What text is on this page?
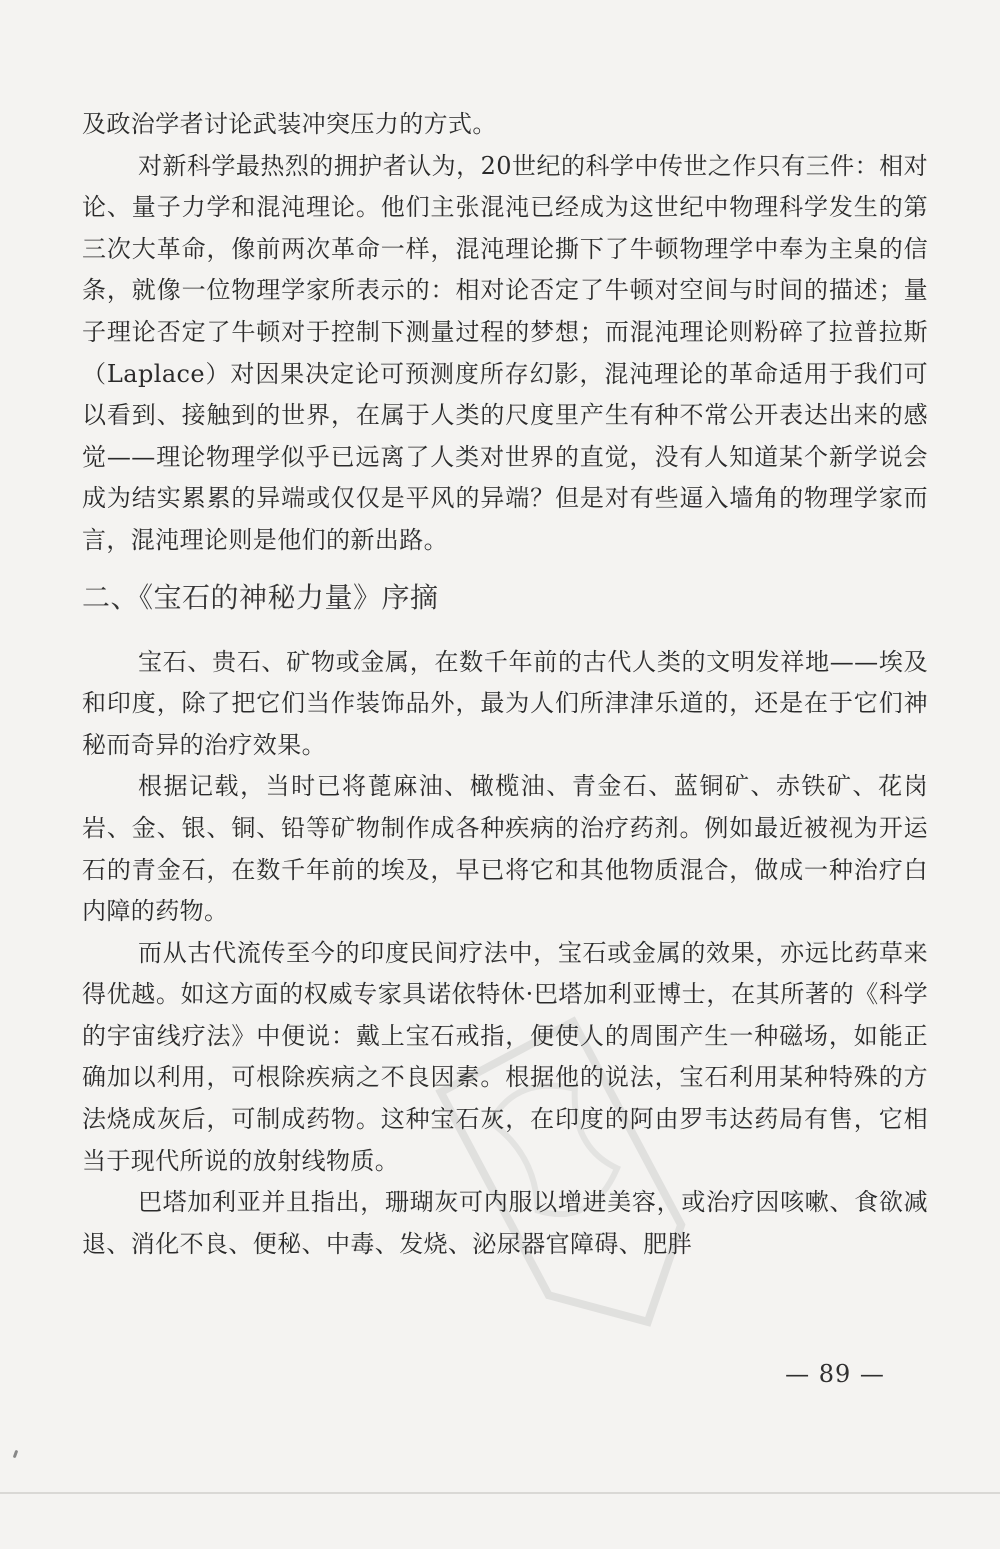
及政治学者讨论武装冲突压力的方式。

对新科学最热烈的拥护者认为，20世纪的科学中传世之作只有三件：相对论、量子力学和混沌理论。他们主张混沌已经成为这世纪中物理科学发生的第三次大革命，像前两次革命一样，混沌理论撕下了牛顿物理学中奉为主臬的信条，就像一位物理学家所表示的：相对论否定了牛顿对空间与时间的描述；量子理论否定了牛顿对于控制下测量过程的梦想；而混沌理论则粉碎了拉普拉斯（Laplace）对因果决定论可预测度所存幻影，混沌理论的革命适用于我们可以看到、接触到的世界，在属于人类的尺度里产生有种不常公开表达出来的感觉——理论物理学似乎已远离了人类对世界的直觉，没有人知道某个新学说会成为结实累累的异端或仅仅是平风的异端？但是对有些逼入墙角的物理学家而言，混沌理论则是他们的新出路。

二、《宝石的神秘力量》序摘

宝石、贵石、矿物或金属，在数千年前的古代人类的文明发祥地——埃及和印度，除了把它们当作装饰品外，最为人们所津津乐道的，还是在于它们神秘而奇异的治疗效果。

根据记载，当时已将蓖麻油、橄榄油、青金石、蓝铜矿、赤铁矿、花岗岩、金、银、铜、铅等矿物制作成各种疾病的治疗药剂。例如最近被视为开运石的青金石，在数千年前的埃及，早已将它和其他物质混合，做成一种治疗白内障的药物。

而从古代流传至今的印度民间疗法中，宝石或金属的效果，亦远比药草来得优越。如这方面的权威专家具诺依特休·巴塔加利亚博士，在其所著的《科学的宇宙线疗法》中便说：戴上宝石戒指，便使人的周围产生一种磁场，如能正确加以利用，可根除疾病之不良因素。根据他的说法，宝石利用某种特殊的方法烧成灰后，可制成药物。这种宝石灰，在印度的阿由罗韦达药局有售，它相当于现代所说的放射线物质。

巴塔加利亚并且指出，珊瑚灰可内服以增进美容，或治疗因咳嗽、食欲减退、消化不良、便秘、中毒、发烧、泌尿器官障碍、肥胖

— 89 —
